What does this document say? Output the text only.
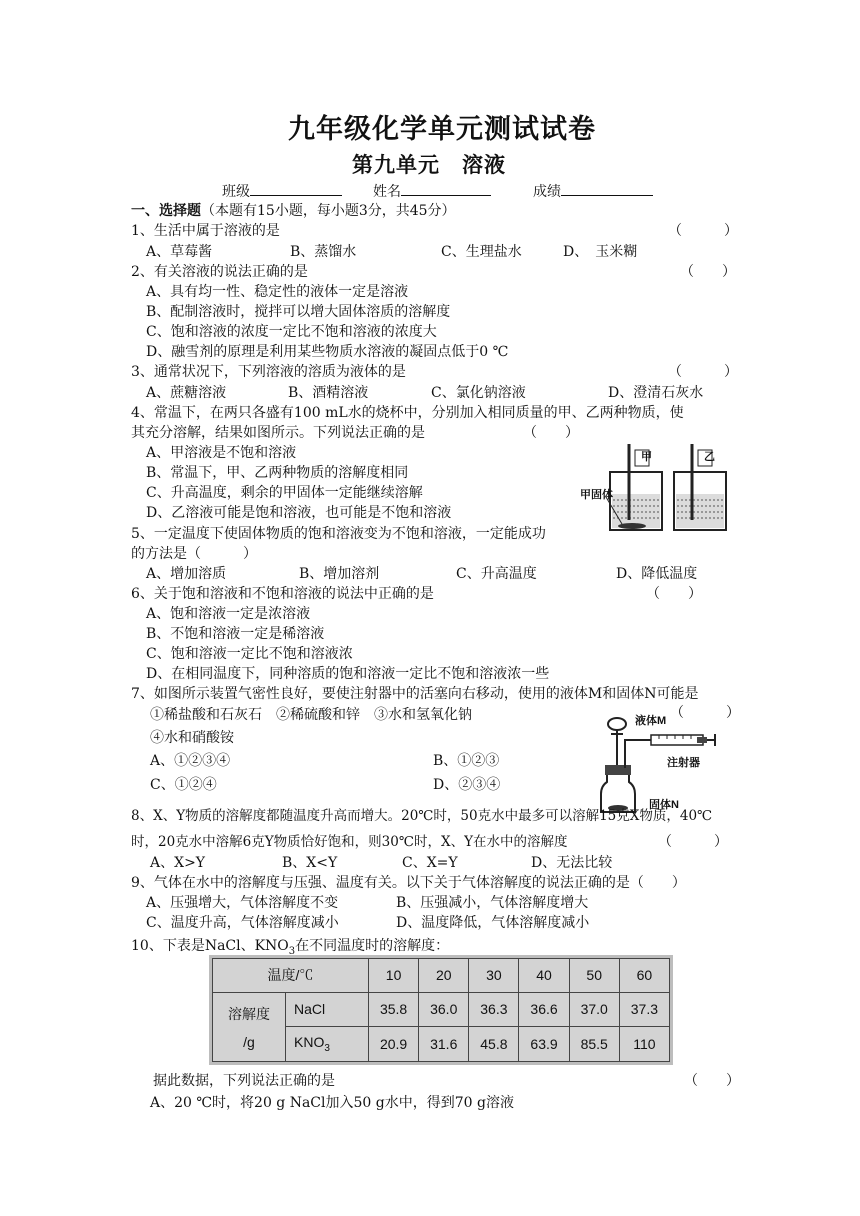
九年级化学单元测试试卷
第九单元　溶液
班级	姓名	成绩
一、选择题（本题有15小题，每小题3分，共45分）
1、生活中属于溶液的是	（　　　）
A、草莓酱	B、蒸馏水	C、生理盐水	D、　玉米糊
2、有关溶液的说法正确的是	（　　）
A、具有均一性、稳定性的液体一定是溶液
B、配制溶液时，搅拌可以增大固体溶质的溶解度
C、饱和溶液的浓度一定比不饱和溶液的浓度大
D、融雪剂的原理是利用某些物质水溶液的凝固点低于0 ℃
3、通常状况下，下列溶液的溶质为液体的是	（　　　）
A、蔗糖溶液	B、酒精溶液	C、氯化钠溶液	D、澄清石灰水
4、常温下，在两只各盛有100 mL水的烧杯中，分别加入相同质量的甲、乙两种物质，使
其充分溶解，结果如图所示。下列说法正确的是	（　　）
A、甲溶液是不饱和溶液
B、常温下，甲、乙两种物质的溶解度相同
C、升高温度，剩余的甲固体一定能继续溶解
D、乙溶液可能是饱和溶液，也可能是不饱和溶液
甲	乙
甲固体
5、一定温度下使固体物质的饱和溶液变为不饱和溶液，一定能成功
的方法是（　　　）
A、增加溶质	B、增加溶剂	C、升高温度	D、降低温度
6、关于饱和溶液和不饱和溶液的说法中正确的是	（　　）
A、饱和溶液一定是浓溶液
B、不饱和溶液一定是稀溶液
C、饱和溶液一定比不饱和溶液浓
D、在相同温度下，同种溶质的饱和溶液一定比不饱和溶液浓一些
7、如图所示装置气密性良好，要使注射器中的活塞向右移动，使用的液体M和固体N可能是
（　　　）
①稀盐酸和石灰石　②稀硫酸和锌　③水和氢氧化钠
④水和硝酸铵
A、①②③④	B、①②③
C、①②④	D、②③④
液体M
注射器
固体N
8、X、Y物质的溶解度都随温度升高而增大。20℃时，50克水中最多可以溶解15克X物质，40℃
时，20克水中溶解6克Y物质恰好饱和，则30℃时，X、Y在水中的溶解度	（　　　）
A、X>Y	B、X<Y	C、X=Y	D、无法比较
9、气体在水中的溶解度与压强、温度有关。以下关于气体溶解度的说法正确的是（　　）
A、压强增大，气体溶解度不变	B、压强减小，气体溶解度增大
C、温度升高，气体溶解度减小	D、温度降低，气体溶解度减小
10、下表是NaCl、$KNO_3$在不同温度时的溶解度：
温度/℃		10	20	30	40	50	60

溶解度
/g	NaCl	35.8	36.0	36.3	36.6	37.0	37.3
	$KNO_3$	20.9	31.6	45.8	63.9	85.5	110
据此数据，下列说法正确的是	（　　）
A、20 ℃时，将20 g NaCl加入50 g水中，得到70 g溶液
